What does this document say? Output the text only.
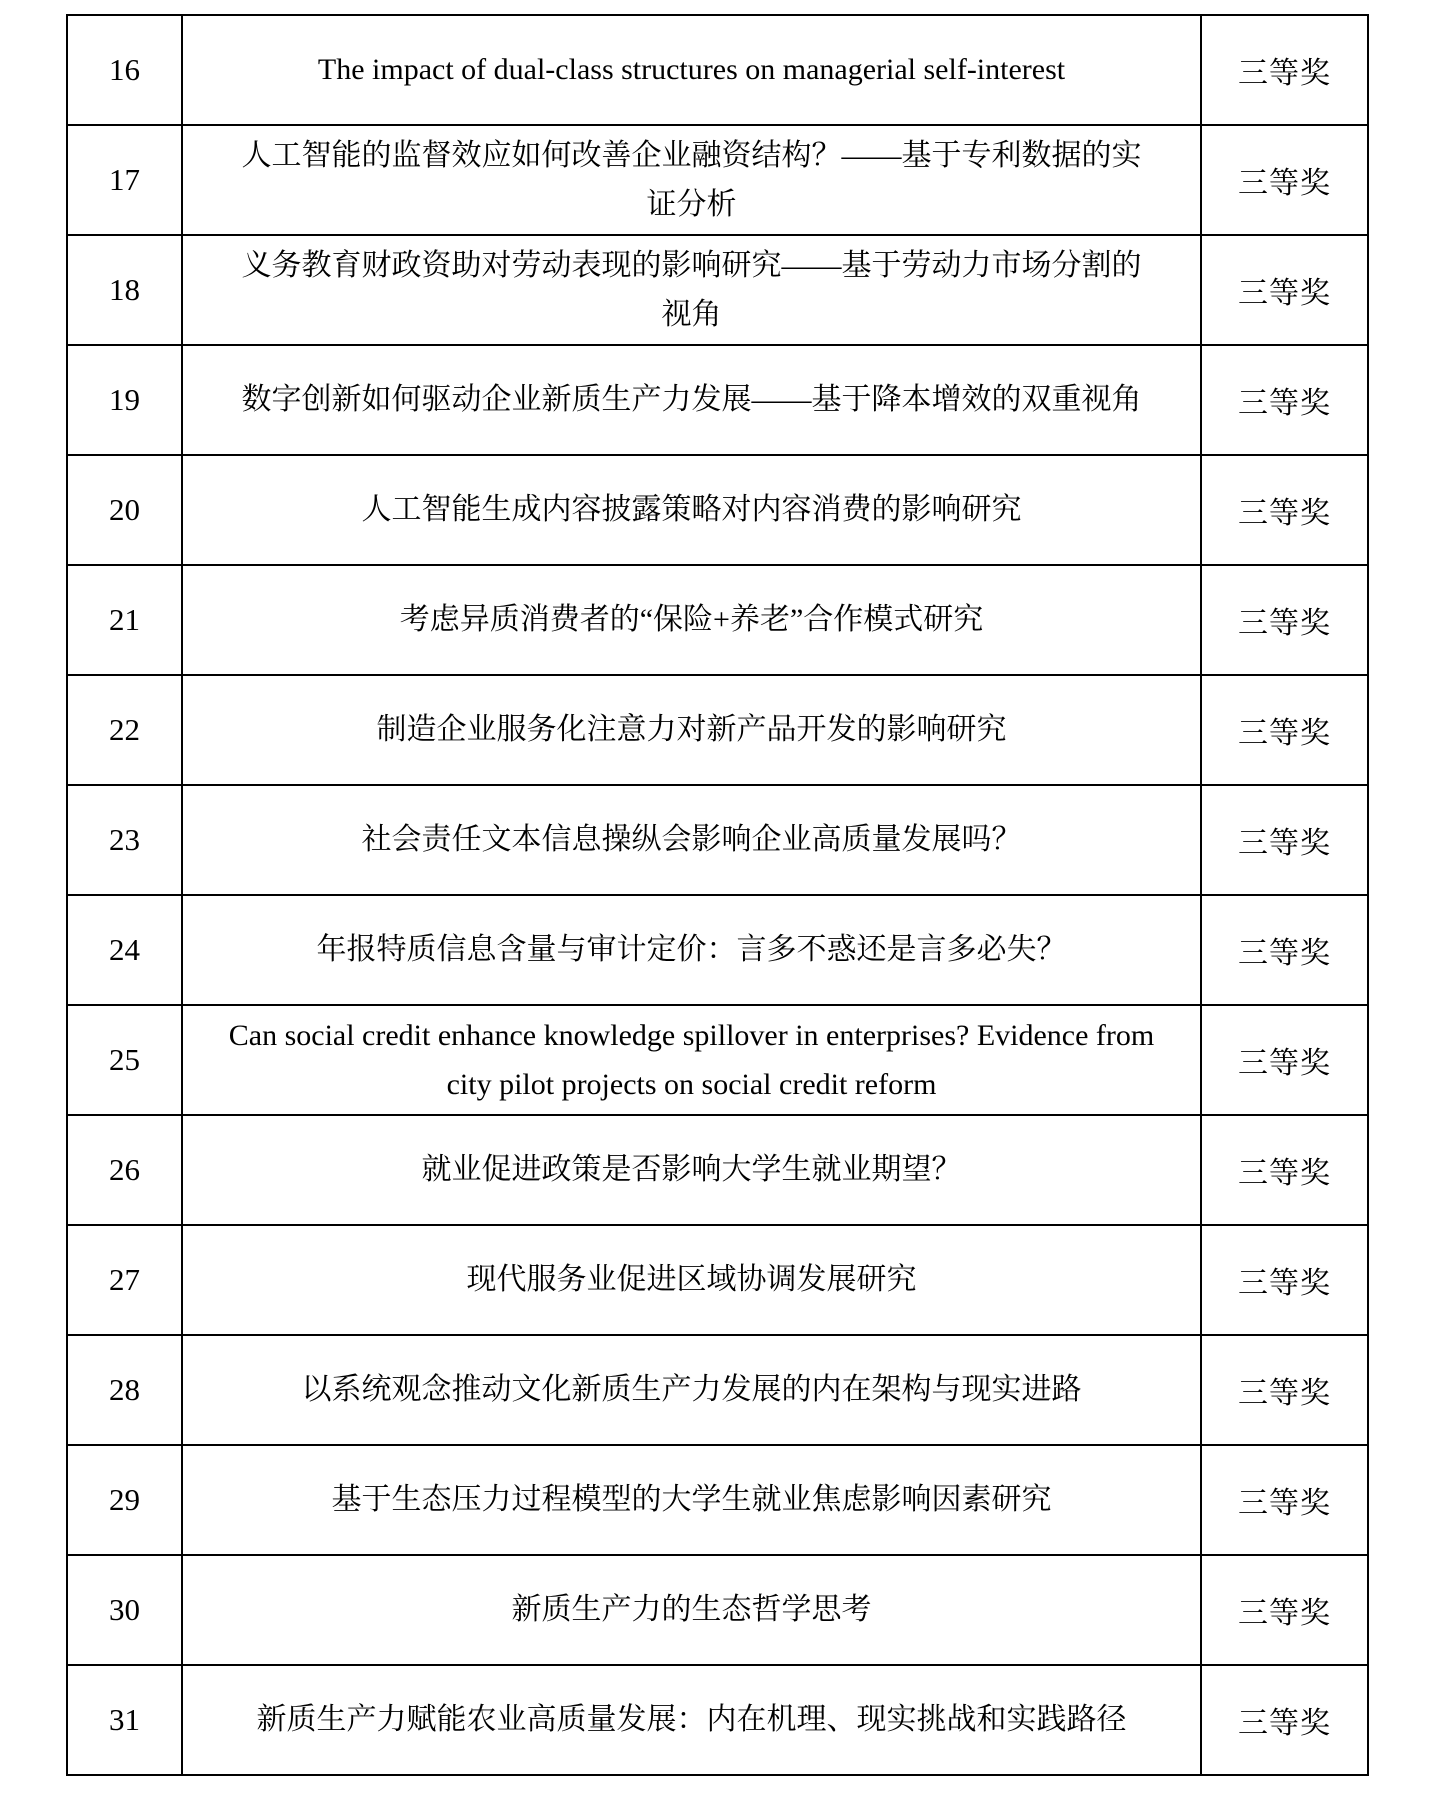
16	The impact of dual-class structures on managerial self-interest	三等奖
17	人工智能的监督效应如何改善企业融资结构？——基于专利数据的实证分析	三等奖
18	义务教育财政资助对劳动表现的影响研究——基于劳动力市场分割的视角	三等奖
19	数字创新如何驱动企业新质生产力发展——基于降本增效的双重视角	三等奖
20	人工智能生成内容披露策略对内容消费的影响研究	三等奖
21	考虑异质消费者的“保险+养老”合作模式研究	三等奖
22	制造企业服务化注意力对新产品开发的影响研究	三等奖
23	社会责任文本信息操纵会影响企业高质量发展吗？	三等奖
24	年报特质信息含量与审计定价：言多不惑还是言多必失？	三等奖
25	Can social credit enhance knowledge spillover in enterprises? Evidence from city pilot projects on social credit reform	三等奖
26	就业促进政策是否影响大学生就业期望？	三等奖
27	现代服务业促进区域协调发展研究	三等奖
28	以系统观念推动文化新质生产力发展的内在架构与现实进路	三等奖
29	基于生态压力过程模型的大学生就业焦虑影响因素研究	三等奖
30	新质生产力的生态哲学思考	三等奖
31	新质生产力赋能农业高质量发展：内在机理、现实挑战和实践路径	三等奖
